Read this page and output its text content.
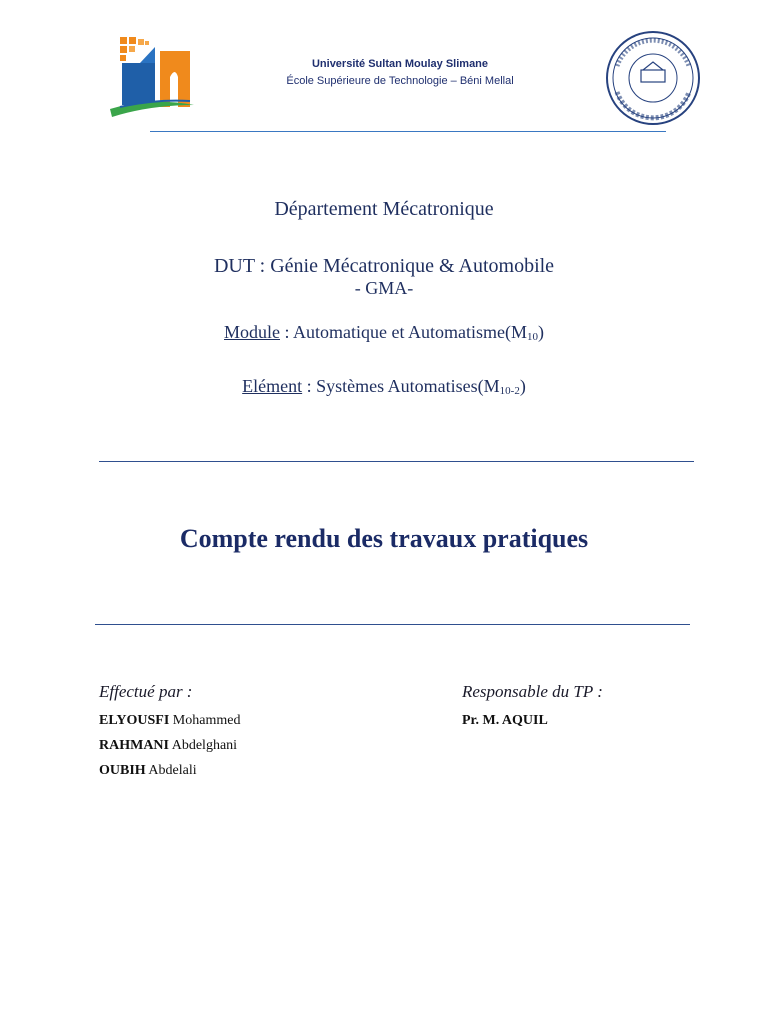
Université Sultan Moulay Slimane
École Supérieure de Technologie – Béni Mellal
Département Mécatronique
DUT : Génie Mécatronique & Automobile
- GMA-
Module : Automatique et $Automatisme(M_{10})$
Elément : Systèmes $Automatises(M_{10-2})$
Compte rendu des travaux pratiques
Effectué par :	Responsable du TP :
ELYOUSFI Mohammed
RAHMANI Abdelghani
OUBIH Abdelali
Pr. M. AQUIL
